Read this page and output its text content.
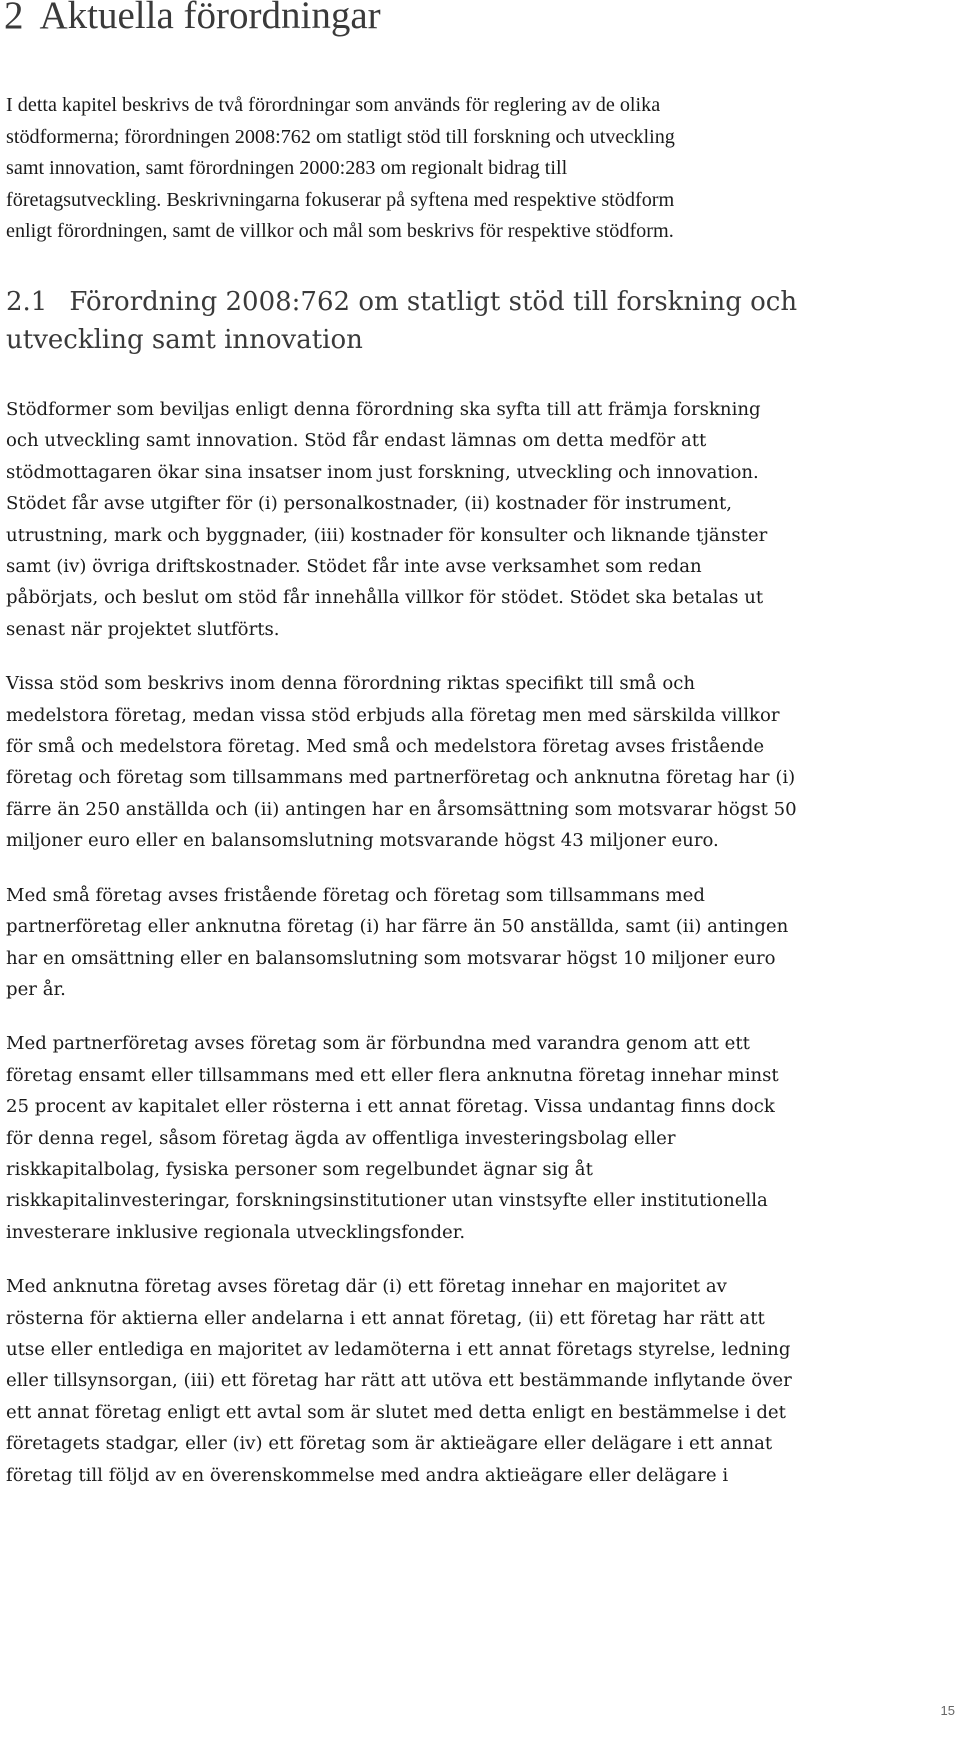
2 Aktuella förordningar

I detta kapitel beskrivs de två förordningar som används för reglering av de olika
stödformerna; förordningen 2008:762 om statligt stöd till forskning och utveckling
samt innovation, samt förordningen 2000:283 om regionalt bidrag till
företagsutveckling. Beskrivningarna fokuserar på syftena med respektive stödform
enligt förordningen, samt de villkor och mål som beskrivs för respektive stödform.

2.1 Förordning 2008:762 om statligt stöd till forskning och
utveckling samt innovation

Stödformer som beviljas enligt denna förordning ska syfta till att främja forskning
och utveckling samt innovation. Stöd får endast lämnas om detta medför att
stödmottagaren ökar sina insatser inom just forskning, utveckling och innovation.
Stödet får avse utgifter för (i) personalkostnader, (ii) kostnader för instrument,
utrustning, mark och byggnader, (iii) kostnader för konsulter och liknande tjänster
samt (iv) övriga driftskostnader. Stödet får inte avse verksamhet som redan
påbörjats, och beslut om stöd får innehålla villkor för stödet. Stödet ska betalas ut
senast när projektet slutförts.

Vissa stöd som beskrivs inom denna förordning riktas specifikt till små och
medelstora företag, medan vissa stöd erbjuds alla företag men med särskilda villkor
för små och medelstora företag. Med små och medelstora företag avses fristående
företag och företag som tillsammans med partnerföretag och anknutna företag har (i)
färre än 250 anställda och (ii) antingen har en årsomsättning som motsvarar högst 50
miljoner euro eller en balansomslutning motsvarande högst 43 miljoner euro.

Med små företag avses fristående företag och företag som tillsammans med
partnerföretag eller anknutna företag (i) har färre än 50 anställda, samt (ii) antingen
har en omsättning eller en balansomslutning som motsvarar högst 10 miljoner euro
per år.

Med partnerföretag avses företag som är förbundna med varandra genom att ett
företag ensamt eller tillsammans med ett eller flera anknutna företag innehar minst
25 procent av kapitalet eller rösterna i ett annat företag. Vissa undantag finns dock
för denna regel, såsom företag ägda av offentliga investeringsbolag eller
riskkapitalbolag, fysiska personer som regelbundet ägnar sig åt
riskkapitalinvesteringar, forskningsinstitutioner utan vinstsyfte eller institutionella
investerare inklusive regionala utvecklingsfonder.

Med anknutna företag avses företag där (i) ett företag innehar en majoritet av
rösterna för aktierna eller andelarna i ett annat företag, (ii) ett företag har rätt att
utse eller entlediga en majoritet av ledamöterna i ett annat företags styrelse, ledning
eller tillsynsorgan, (iii) ett företag har rätt att utöva ett bestämmande inflytande över
ett annat företag enligt ett avtal som är slutet med detta enligt en bestämmelse i det
företagets stadgar, eller (iv) ett företag som är aktieägare eller delägare i ett annat
företag till följd av en överenskommelse med andra aktieägare eller delägare i

15
